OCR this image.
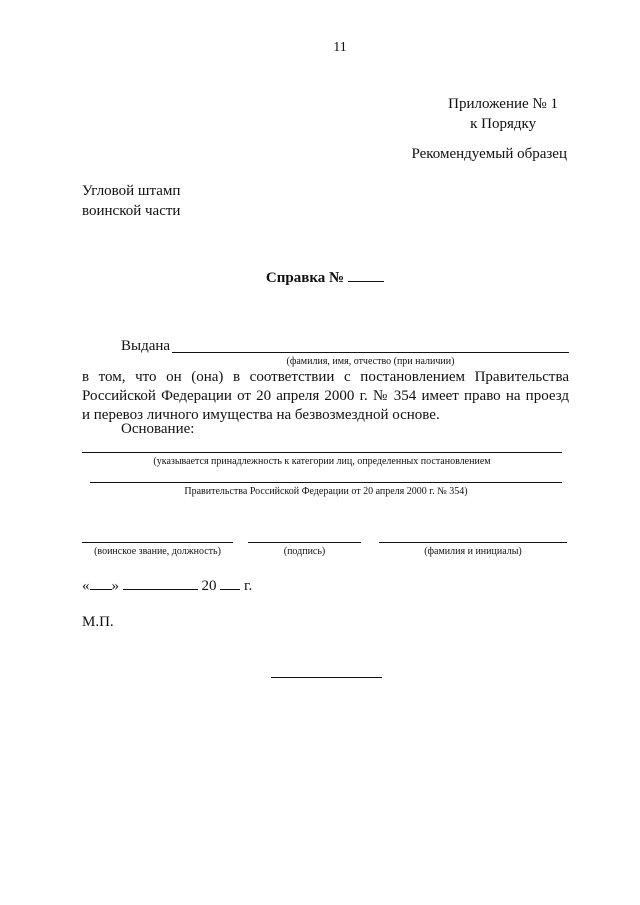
11
Приложение № 1
к Порядку
Рекомендуемый образец
Угловой штамп
воинской части
Справка №
Выдана
(фамилия, имя, отчество (при наличии)
в том, что он (она) в соответствии с постановлением Правительства
Российской Федерации от 20 апреля 2000 г. № 354 имеет право на проезд
и перевоз личного имущества на безвозмездной основе.
Основание:
(указывается принадлежность к категории лиц, определенных постановлением
Правительства Российской Федерации от 20 апреля 2000 г. № 354)
(воинское звание, должность)	(подпись)	(фамилия и инициалы)
« »	20 г.
М.П.
